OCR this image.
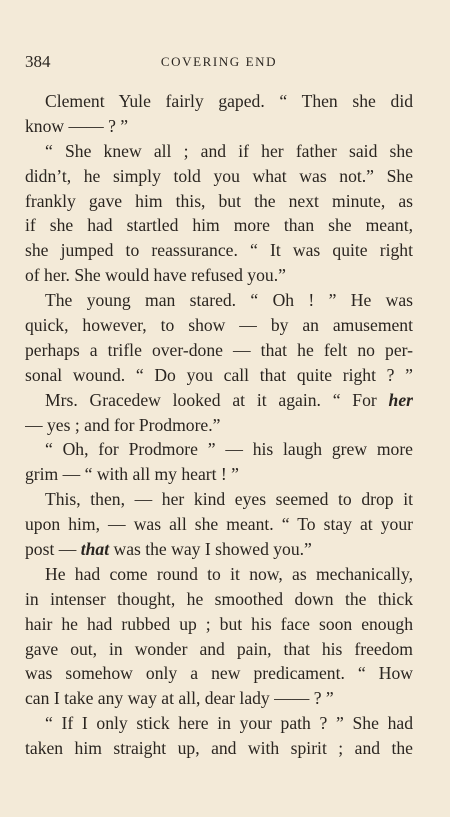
384	COVERING END
Clement Yule fairly gaped. “ Then she did
know —— ? ”
“ She knew all ; and if her father said she
didn’t, he simply told you what was not.” She
frankly gave him this, but the next minute, as
if she had startled him more than she meant,
she jumped to reassurance. “ It was quite right
of her. She would have refused you.”
The young man stared. “ Oh ! ” He was
quick, however, to show — by an amusement
perhaps a trifle over-done — that he felt no per-
sonal wound. “ Do you call that quite right ? ”
Mrs. Gracedew looked at it again. “ For her
— yes ; and for Prodmore.”
“ Oh, for Prodmore ” — his laugh grew more
grim — “ with all my heart ! ”
This, then, — her kind eyes seemed to drop it
upon him, — was all she meant. “ To stay at your
post — that was the way I showed you.”
He had come round to it now, as mechanically,
in intenser thought, he smoothed down the thick
hair he had rubbed up ; but his face soon enough
gave out, in wonder and pain, that his freedom
was somehow only a new predicament. “ How
can I take any way at all, dear lady —— ? ”
“ If I only stick here in your path ? ” She had
taken him straight up, and with spirit ; and the
